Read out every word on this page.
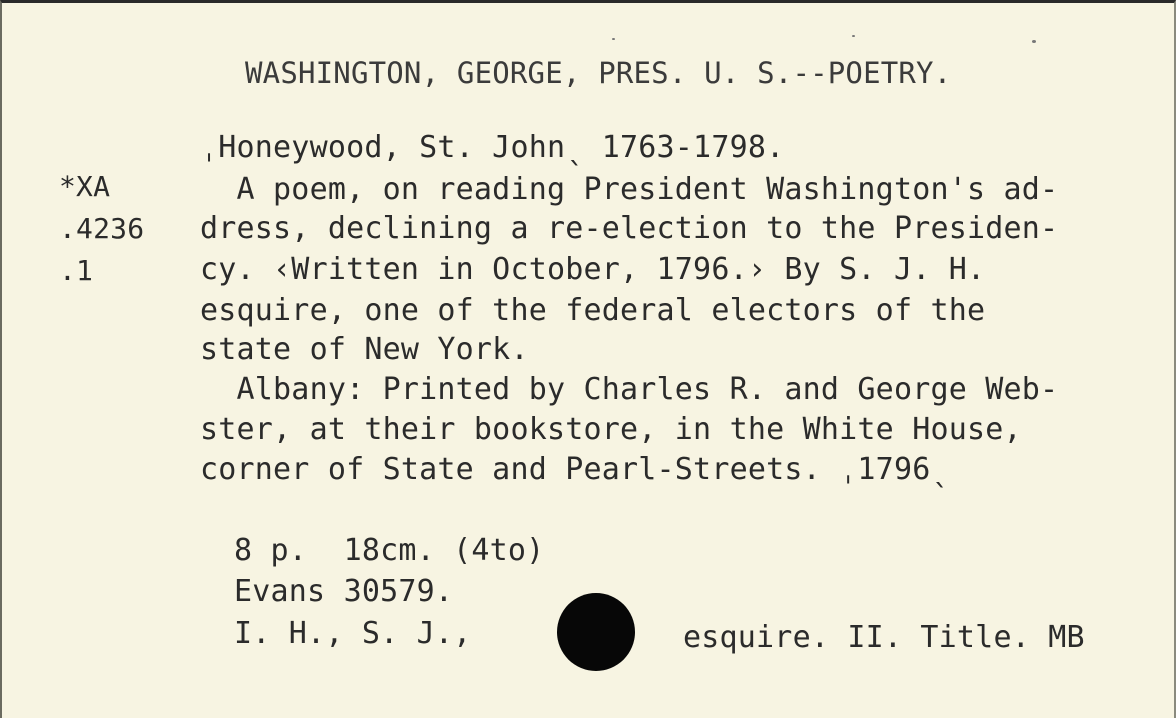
WASHINGTON, GEORGE, PRES. U. S.--POETRY.
*XA
.4236
.1
ˌHoneywood, St. Johnˎ 1763-1798.
A poem, on reading President Washington's ad-
dress, declining a re-election to the Presiden-
cy. ‹Written in October, 1796.› By S. J. H.
esquire, one of the federal electors of the
state of New York.
Albany: Printed by Charles R. and George Web-
ster, at their bookstore, in the White House,
corner of State and Pearl-Streets. ˌ1796ˎ
8 p.  18cm. (4to)
Evans 30579.
I. H., S. J.,	esquire. II. Title. MB
